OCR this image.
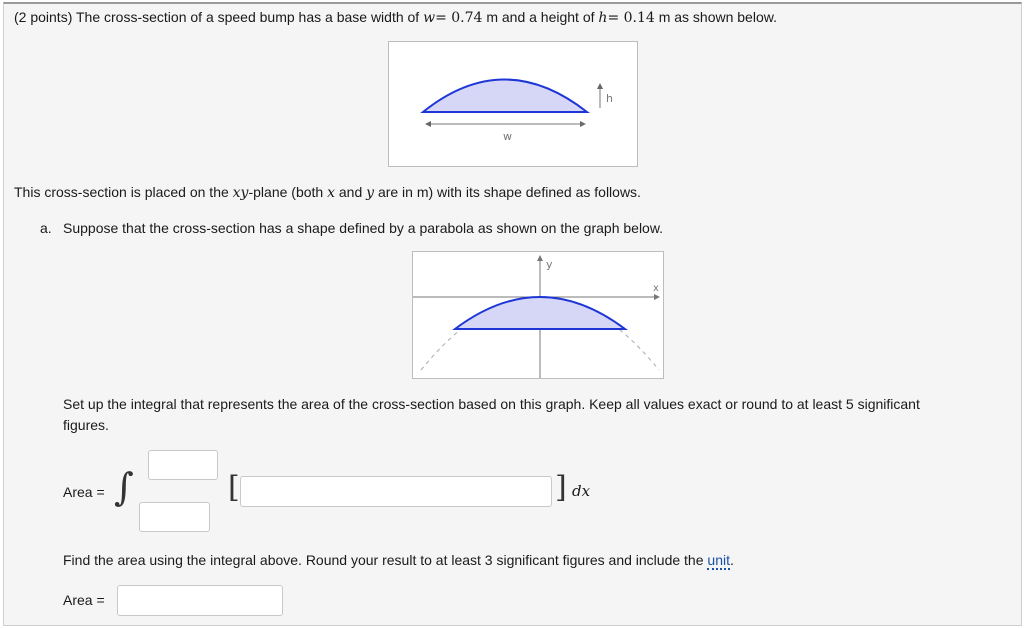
(2 points) The cross-section of a speed bump has a base width of w= 0.74 m and a height of h= 0.14 m as shown below.
w
h
This cross-section is placed on the xy-plane (both x and y are in m) with its shape defined as follows.
a. Suppose that the cross-section has a shape defined by a parabola as shown on the graph below.
y
x
Set up the integral that represents the area of the cross-section based on this graph. Keep all values exact or round to at least 5 significant
figures.
Area = ∫	[	] dx
Find the area using the integral above. Round your result to at least 3 significant figures and include the unit.
Area =
